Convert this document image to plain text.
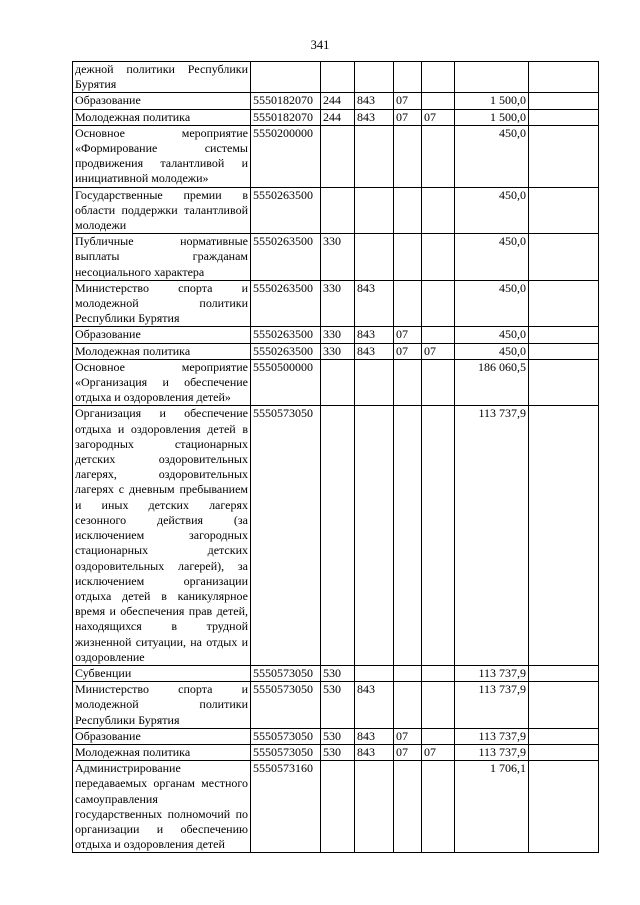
341
дежной политики Республики Бурятия							
Образование	5550182070	244	843	07		1 500,0	
Молодежная политика	5550182070	244	843	07	07	1 500,0	
Основное мероприятие «Формирование системы продвижения талантливой и инициативной молодежи»	5550200000					450,0	
Государственные премии в области поддержки талантливой молодежи	5550263500					450,0	
Публичные нормативные выплаты гражданам несоциального характера	5550263500	330				450,0	
Министерство спорта и молодежной политики Республики Бурятия	5550263500	330	843			450,0	
Образование	5550263500	330	843	07		450,0	
Молодежная политика	5550263500	330	843	07	07	450,0	
Основное мероприятие «Организация и обеспечение отдыха и оздоровления детей»	5550500000					186 060,5	
Организация и обеспечение отдыха и оздоровления детей в загородных стационарных детских оздоровительных лагерях, оздоровительных лагерях с дневным пребыванием и иных детских лагерях сезонного действия (за исключением загородных стационарных детских оздоровительных лагерей), за исключением организации отдыха детей в каникулярное время и обеспечения прав детей, находящихся в трудной жизненной ситуации, на отдых и оздоровление	5550573050					113 737,9	
Субвенции	5550573050	530				113 737,9	
Министерство спорта и молодежной политики Республики Бурятия	5550573050	530	843			113 737,9	
Образование	5550573050	530	843	07		113 737,9	
Молодежная политика	5550573050	530	843	07	07	113 737,9	
Администрирование передаваемых органам местного самоуправления государственных полномочий по организации и обеспечению отдыха и оздоровления детей	5550573160					1 706,1	
